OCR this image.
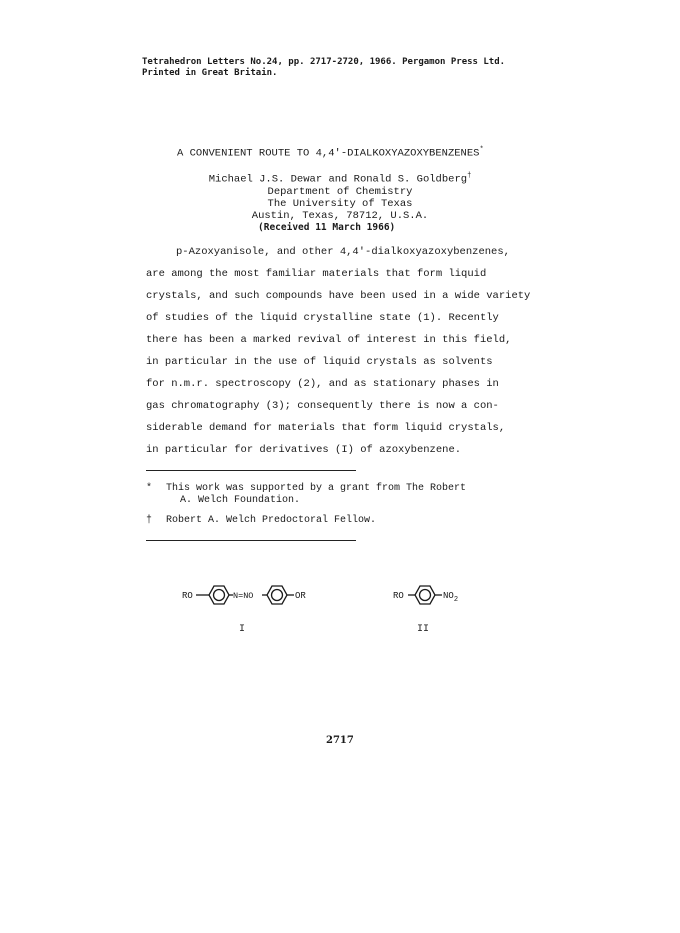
Tetrahedron Letters No.24, pp. 2717-2720, 1966. Pergamon Press Ltd.
Printed in Great Britain.
A CONVENIENT ROUTE TO 4,4'-DIALKOXYAZOXYBENZENES*
Michael J.S. Dewar and Ronald S. Goldberg†
Department of Chemistry
The University of Texas
Austin, Texas, 78712, U.S.A.
(Received 11 March 1966)
p-Azoxyanisole, and other 4,4'-dialkoxyazoxybenzenes,
are among the most familiar materials that form liquid
crystals, and such compounds have been used in a wide variety
of studies of the liquid crystalline state (1). Recently
there has been a marked revival of interest in this field,
in particular in the use of liquid crystals as solvents
for n.m.r. spectroscopy (2), and as stationary phases in
gas chromatography (3); consequently there is now a con-
siderable demand for materials that form liquid crystals,
in particular for derivatives (I) of azoxybenzene.
* This work was supported by a grant from The Robert
A. Welch Foundation.
† Robert A. Welch Predoctoral Fellow.
RO	N=NO	OR
I
RO	$NO_2$
II
2717
